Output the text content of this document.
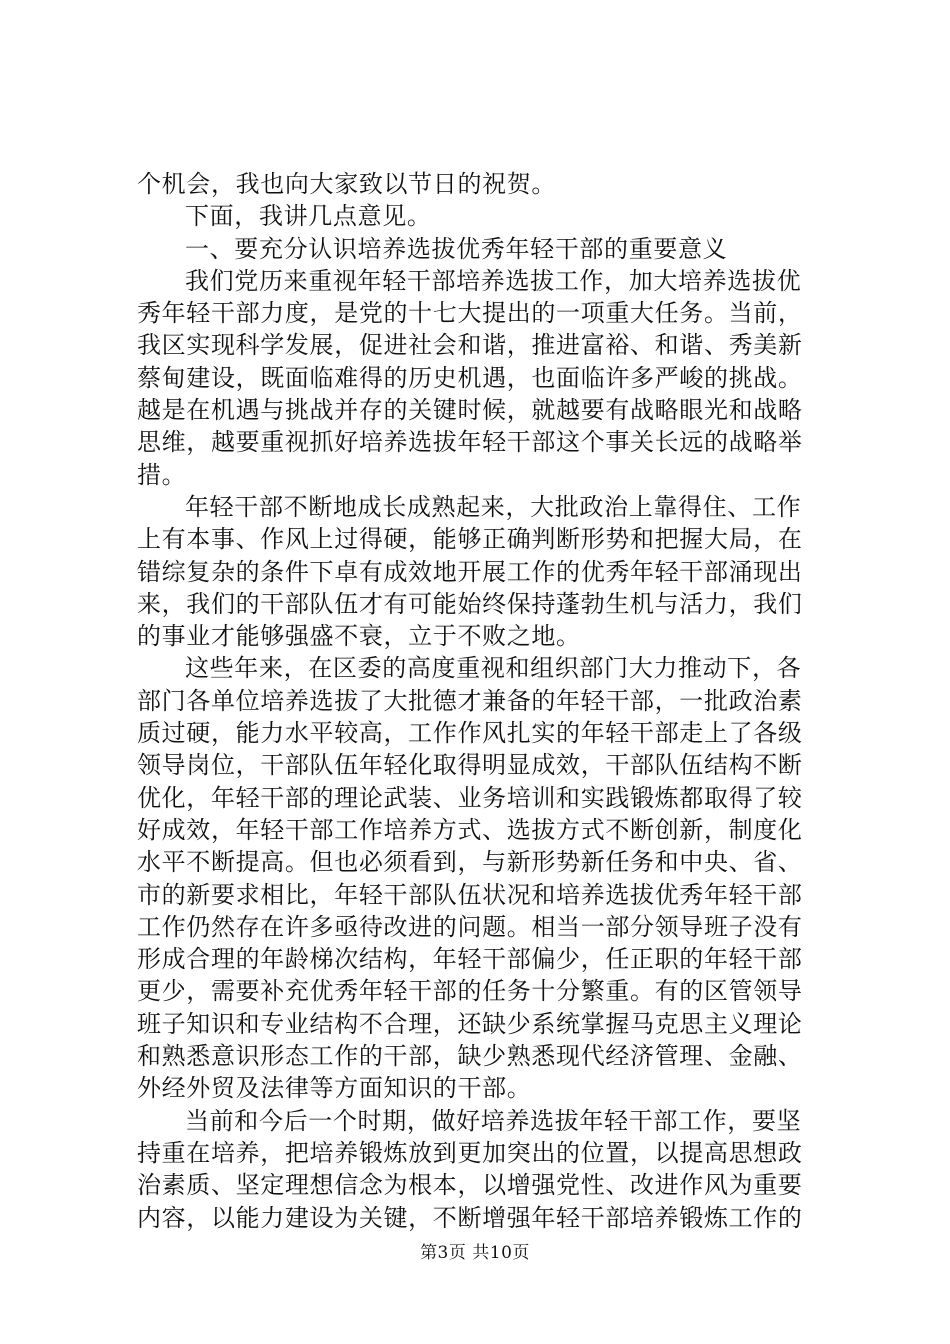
个机会，我也向大家致以节日的祝贺。
下面，我讲几点意见。
一、要充分认识培养选拔优秀年轻干部的重要意义
我们党历来重视年轻干部培养选拔工作，加大培养选拔优
秀年轻干部力度，是党的十七大提出的一项重大任务。当前，
我区实现科学发展，促进社会和谐，推进富裕、和谐、秀美新
蔡甸建设，既面临难得的历史机遇，也面临许多严峻的挑战。
越是在机遇与挑战并存的关键时候，就越要有战略眼光和战略
思维，越要重视抓好培养选拔年轻干部这个事关长远的战略举
措。
年轻干部不断地成长成熟起来，大批政治上靠得住、工作
上有本事、作风上过得硬，能够正确判断形势和把握大局，在
错综复杂的条件下卓有成效地开展工作的优秀年轻干部涌现出
来，我们的干部队伍才有可能始终保持蓬勃生机与活力，我们
的事业才能够强盛不衰，立于不败之地。
这些年来，在区委的高度重视和组织部门大力推动下，各
部门各单位培养选拔了大批德才兼备的年轻干部，一批政治素
质过硬，能力水平较高，工作作风扎实的年轻干部走上了各级
领导岗位，干部队伍年轻化取得明显成效，干部队伍结构不断
优化，年轻干部的理论武装、业务培训和实践锻炼都取得了较
好成效，年轻干部工作培养方式、选拔方式不断创新，制度化
水平不断提高。但也必须看到，与新形势新任务和中央、省、
市的新要求相比，年轻干部队伍状况和培养选拔优秀年轻干部
工作仍然存在许多亟待改进的问题。相当一部分领导班子没有
形成合理的年龄梯次结构，年轻干部偏少，任正职的年轻干部
更少，需要补充优秀年轻干部的任务十分繁重。有的区管领导
班子知识和专业结构不合理，还缺少系统掌握马克思主义理论
和熟悉意识形态工作的干部，缺少熟悉现代经济管理、金融、
外经外贸及法律等方面知识的干部。
当前和今后一个时期，做好培养选拔年轻干部工作，要坚
持重在培养，把培养锻炼放到更加突出的位置，以提高思想政
治素质、坚定理想信念为根本，以增强党性、改进作风为重要
内容，以能力建设为关键，不断增强年轻干部培养锻炼工作的
第3页 共10页
